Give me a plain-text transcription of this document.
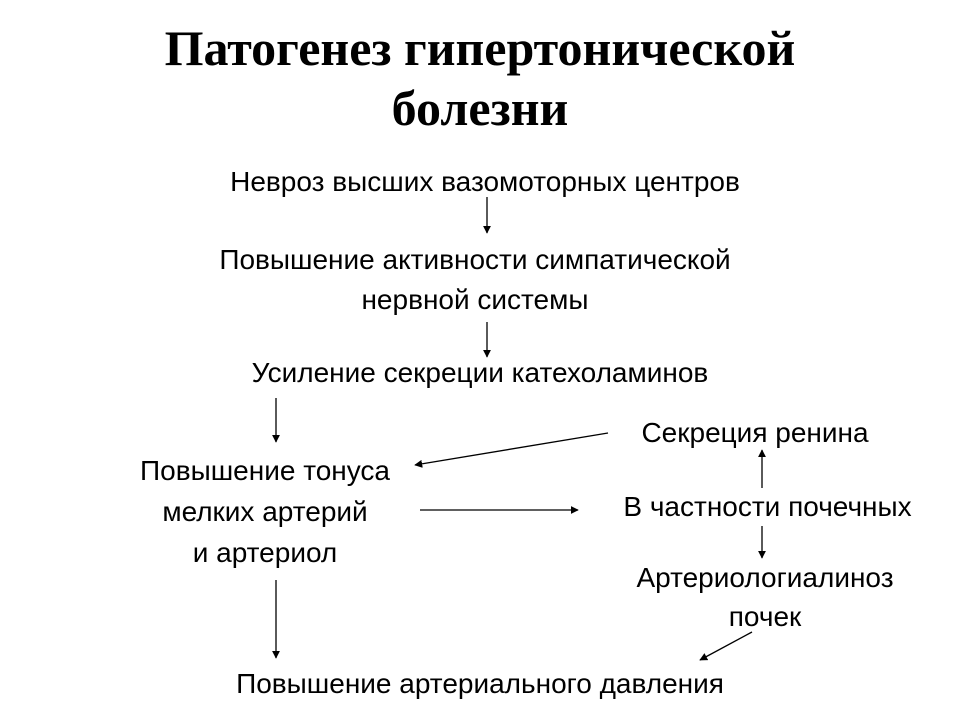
Патогенез гипертонической
болезни
Невроз высших вазомоторных центров
Повышение активности симпатической
нервной системы
Усиление секреции катехоламинов
Секреция ренина
Повышение тонуса
мелких артерий
и артериол
В частности почечных
Артериологиалиноз
почек
Повышение артериального давления
